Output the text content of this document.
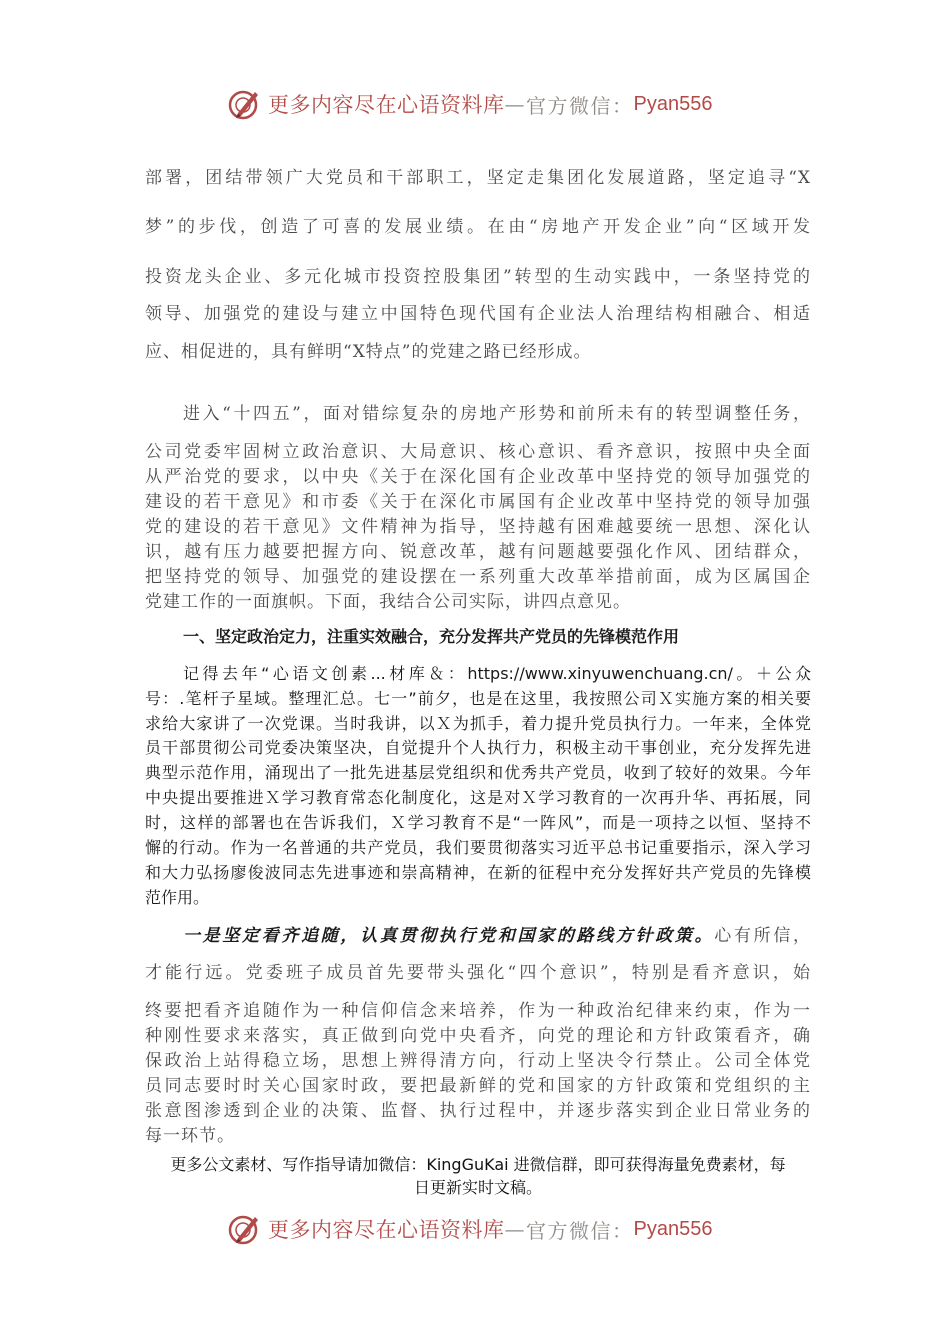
更多内容尽在心语资料库 — 官方微信： Pyan556

部署，团结带领广大党员和干部职工，坚定走集团化发展道路，坚定追寻“X

梦”的步伐，创造了可喜的发展业绩。在由“房地产开发企业”向“区域开发

投资龙头企业、多元化城市投资控股集团”转型的生动实践中，一条坚持党的

领导、加强党的建设与建立中国特色现代国有企业法人治理结构相融合、相适

应、相促进的，具有鲜明“X特点”的党建之路已经形成。

进入“十四五”，面对错综复杂的房地产形势和前所未有的转型调整任务，

公司党委牢固树立政治意识、大局意识、核心意识、看齐意识，按照中央全面

从严治党的要求，以中央《关于在深化国有企业改革中坚持党的领导加强党的

建设的若干意见》和市委《关于在深化市属国有企业改革中坚持党的领导加强

党的建设的若干意见》文件精神为指导，坚持越有困难越要统一思想、深化认

识，越有压力越要把握方向、锐意改革，越有问题越要强化作风、团结群众，

把坚持党的领导、加强党的建设摆在一系列重大改革举措前面，成为区属国企

党建工作的一面旗帜。下面，我结合公司实际，讲四点意见。

一、坚定政治定力，注重实效融合，充分发挥共产党员的先锋模范作用

记得去年“心语文创素...材库＆：https://www.xinyuwenchuang.cn/。＋公众

号：.笔杆子星域。整理汇总。七一”前夕，也是在这里，我按照公司Ｘ实施方案的相关要

求给大家讲了一次党课。当时我讲，以Ｘ为抓手，着力提升党员执行力。一年来，全体党

员干部贯彻公司党委决策坚决，自觉提升个人执行力，积极主动干事创业，充分发挥先进

典型示范作用，涌现出了一批先进基层党组织和优秀共产党员，收到了较好的效果。今年

中央提出要推进Ｘ学习教育常态化制度化，这是对Ｘ学习教育的一次再升华、再拓展，同

时，这样的部署也在告诉我们，Ｘ学习教育不是“一阵风”，而是一项持之以恒、坚持不

懈的行动。作为一名普通的共产党员，我们要贯彻落实习近平总书记重要指示，深入学习

和大力弘扬廖俊波同志先进事迹和崇高精神，在新的征程中充分发挥好共产党员的先锋模

范作用。

一是坚定看齐追随，认真贯彻执行党和国家的路线方针政策。心有所信，

才能行远。党委班子成员首先要带头强化“四个意识”，特别是看齐意识，始

终要把看齐追随作为一种信仰信念来培养，作为一种政治纪律来约束，作为一

种刚性要求来落实，真正做到向党中央看齐，向党的理论和方针政策看齐，确

保政治上站得稳立场，思想上辨得清方向，行动上坚决令行禁止。公司全体党

员同志要时时关心国家时政，要把最新鲜的党和国家的方针政策和党组织的主

张意图渗透到企业的决策、监督、执行过程中，并逐步落实到企业日常业务的

每一环节。

更多公文素材、写作指导请加微信：KingGuKai 进微信群，即可获得海量免费素材，每

日更新实时文稿。

更多内容尽在心语资料库 — 官方微信： Pyan556
